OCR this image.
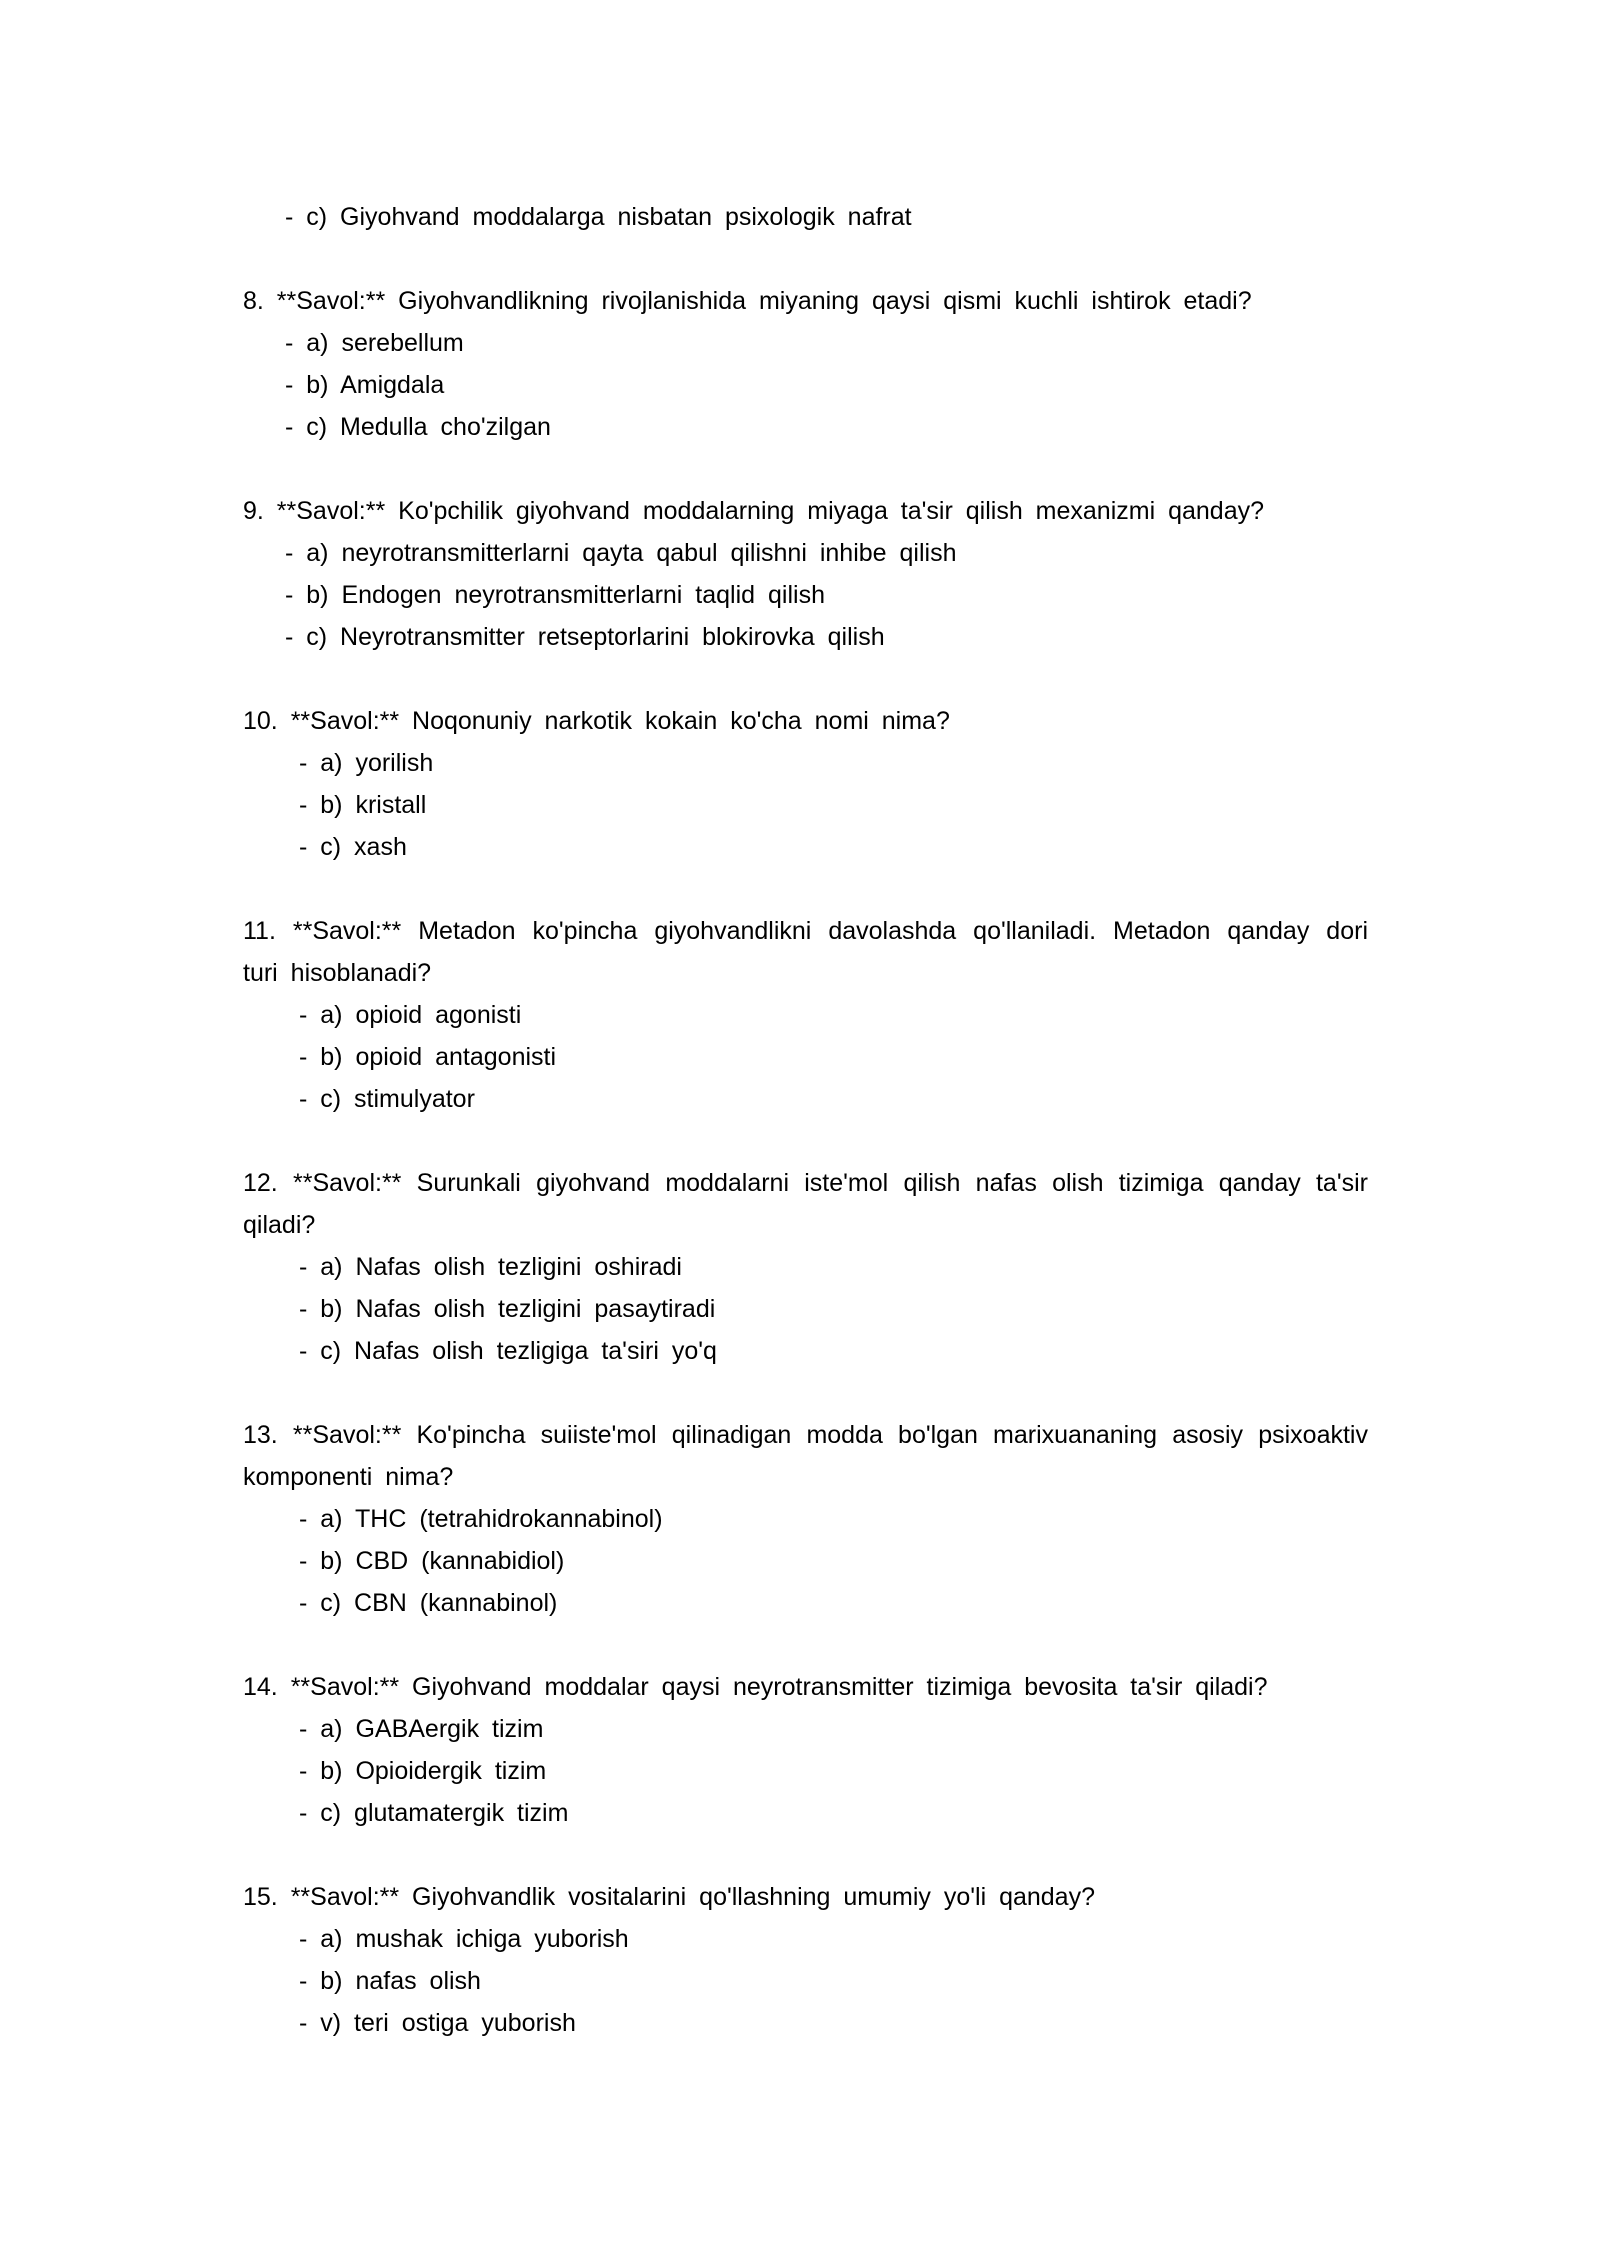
- c) Giyohvand moddalarga nisbatan psixologik nafrat
8. **Savol:** Giyohvandlikning rivojlanishida miyaning qaysi qismi kuchli ishtirok etadi?
- a) serebellum
- b) Amigdala
- c) Medulla cho'zilgan
9. **Savol:** Ko'pchilik giyohvand moddalarning miyaga ta'sir qilish mexanizmi qanday?
- a) neyrotransmitterlarni qayta qabul qilishni inhibe qilish
- b) Endogen neyrotransmitterlarni taqlid qilish
- c) Neyrotransmitter retseptorlarini blokirovka qilish
10. **Savol:** Noqonuniy narkotik kokain ko'cha nomi nima?
- a) yorilish
- b) kristall
- c) xash
11. **Savol:** Metadon ko'pincha giyohvandlikni davolashda qo'llaniladi. Metadon qanday dori turi hisoblanadi?
- a) opioid agonisti
- b) opioid antagonisti
- c) stimulyator
12. **Savol:** Surunkali giyohvand moddalarni iste'mol qilish nafas olish tizimiga qanday ta'sir qiladi?
- a) Nafas olish tezligini oshiradi
- b) Nafas olish tezligini pasaytiradi
- c) Nafas olish tezligiga ta'siri yo'q
13. **Savol:** Ko'pincha suiiste'mol qilinadigan modda bo'lgan marixuananing asosiy psixoaktiv komponenti nima?
- a) THC (tetrahidrokannabinol)
- b) CBD (kannabidiol)
- c) CBN (kannabinol)
14. **Savol:** Giyohvand moddalar qaysi neyrotransmitter tizimiga bevosita ta'sir qiladi?
- a) GABAergik tizim
- b) Opioidergik tizim
- c) glutamatergik tizim
15. **Savol:** Giyohvandlik vositalarini qo'llashning umumiy yo'li qanday?
- a) mushak ichiga yuborish
- b) nafas olish
- v) teri ostiga yuborish
